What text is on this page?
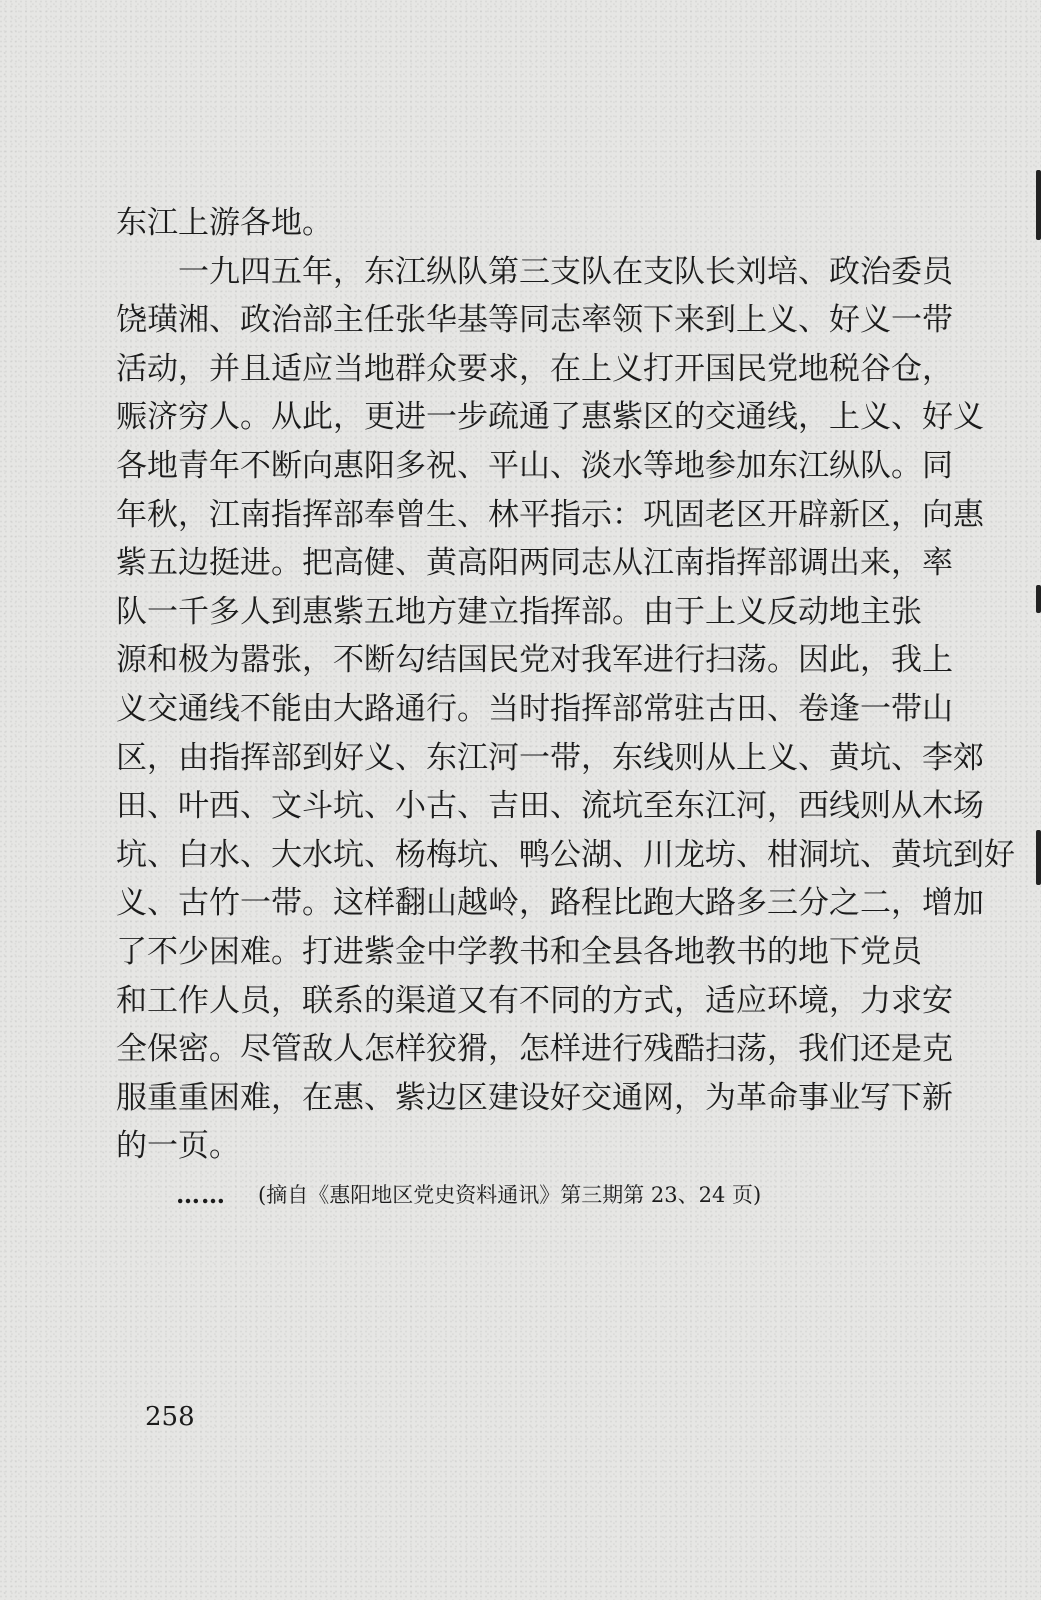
东江上游各地。
　　一九四五年，东江纵队第三支队在支队长刘培、政治委员
饶璜湘、政治部主任张华基等同志率领下来到上义、好义一带
活动，并且适应当地群众要求，在上义打开国民党地税谷仓，
赈济穷人。从此，更进一步疏通了惠紫区的交通线，上义、好义
各地青年不断向惠阳多祝、平山、淡水等地参加东江纵队。同
年秋，江南指挥部奉曾生、林平指示：巩固老区开辟新区，向惠
紫五边挺进。把高健、黄高阳两同志从江南指挥部调出来，率
队一千多人到惠紫五地方建立指挥部。由于上义反动地主张
源和极为嚣张，不断勾结国民党对我军进行扫荡。因此，我上
义交通线不能由大路通行。当时指挥部常驻古田、卷逢一带山
区，由指挥部到好义、东江河一带，东线则从上义、黄坑、李郊
田、叶西、文斗坑、小古、吉田、流坑至东江河，西线则从木场
坑、白水、大水坑、杨梅坑、鸭公湖、川龙坊、柑洞坑、黄坑到好
义、古竹一带。这样翻山越岭，路程比跑大路多三分之二，增加
了不少困难。打进紫金中学教书和全县各地教书的地下党员
和工作人员，联系的渠道又有不同的方式，适应环境，力求安
全保密。尽管敌人怎样狡猾，怎样进行残酷扫荡，我们还是克
服重重困难，在惠、紫边区建设好交通网，为革命事业写下新
的一页。
……	(摘自《惠阳地区党史资料通讯》第三期第 23、24 页)
258
